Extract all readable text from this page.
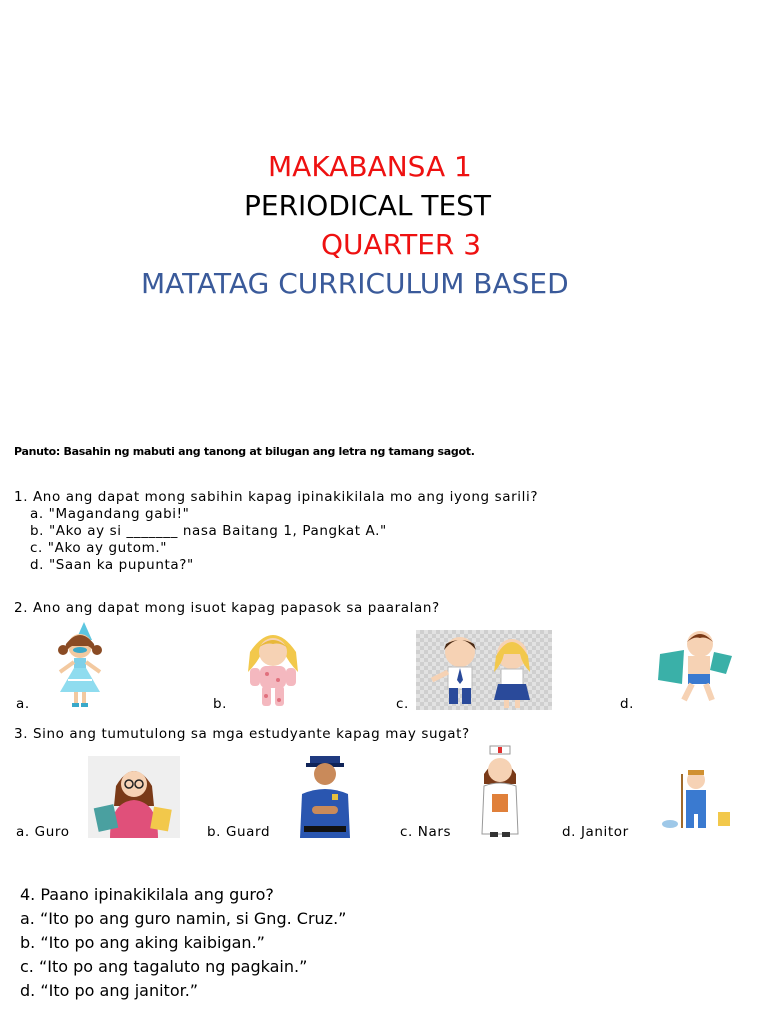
MAKABANSA 1
PERIODICAL TEST
QUARTER 3
MATATAG CURRICULUM BASED
Panuto: Basahin ng mabuti ang tanong at bilugan ang letra ng tamang sagot.
1. Ano ang dapat mong sabihin kapag ipinakikilala mo ang iyong sarili?
a. "Magandang gabi!"
b. "Ako ay si _______ nasa Baitang 1, Pangkat A."
c. "Ako ay gutom."
d. "Saan ka pupunta?"
2. Ano ang dapat mong isuot kapag papasok sa paaralan?
a.	b.	c.	d.
3. Sino ang tumutulong sa mga estudyante kapag may sugat?
a. Guro	b. Guard	c. Nars	d. Janitor
4. Paano ipinakikilala ang guro?
a. “Ito po ang guro namin, si Gng. Cruz.”
b. “Ito po ang aking kaibigan.”
c. “Ito po ang tagaluto ng pagkain.”
d. “Ito po ang janitor.”
